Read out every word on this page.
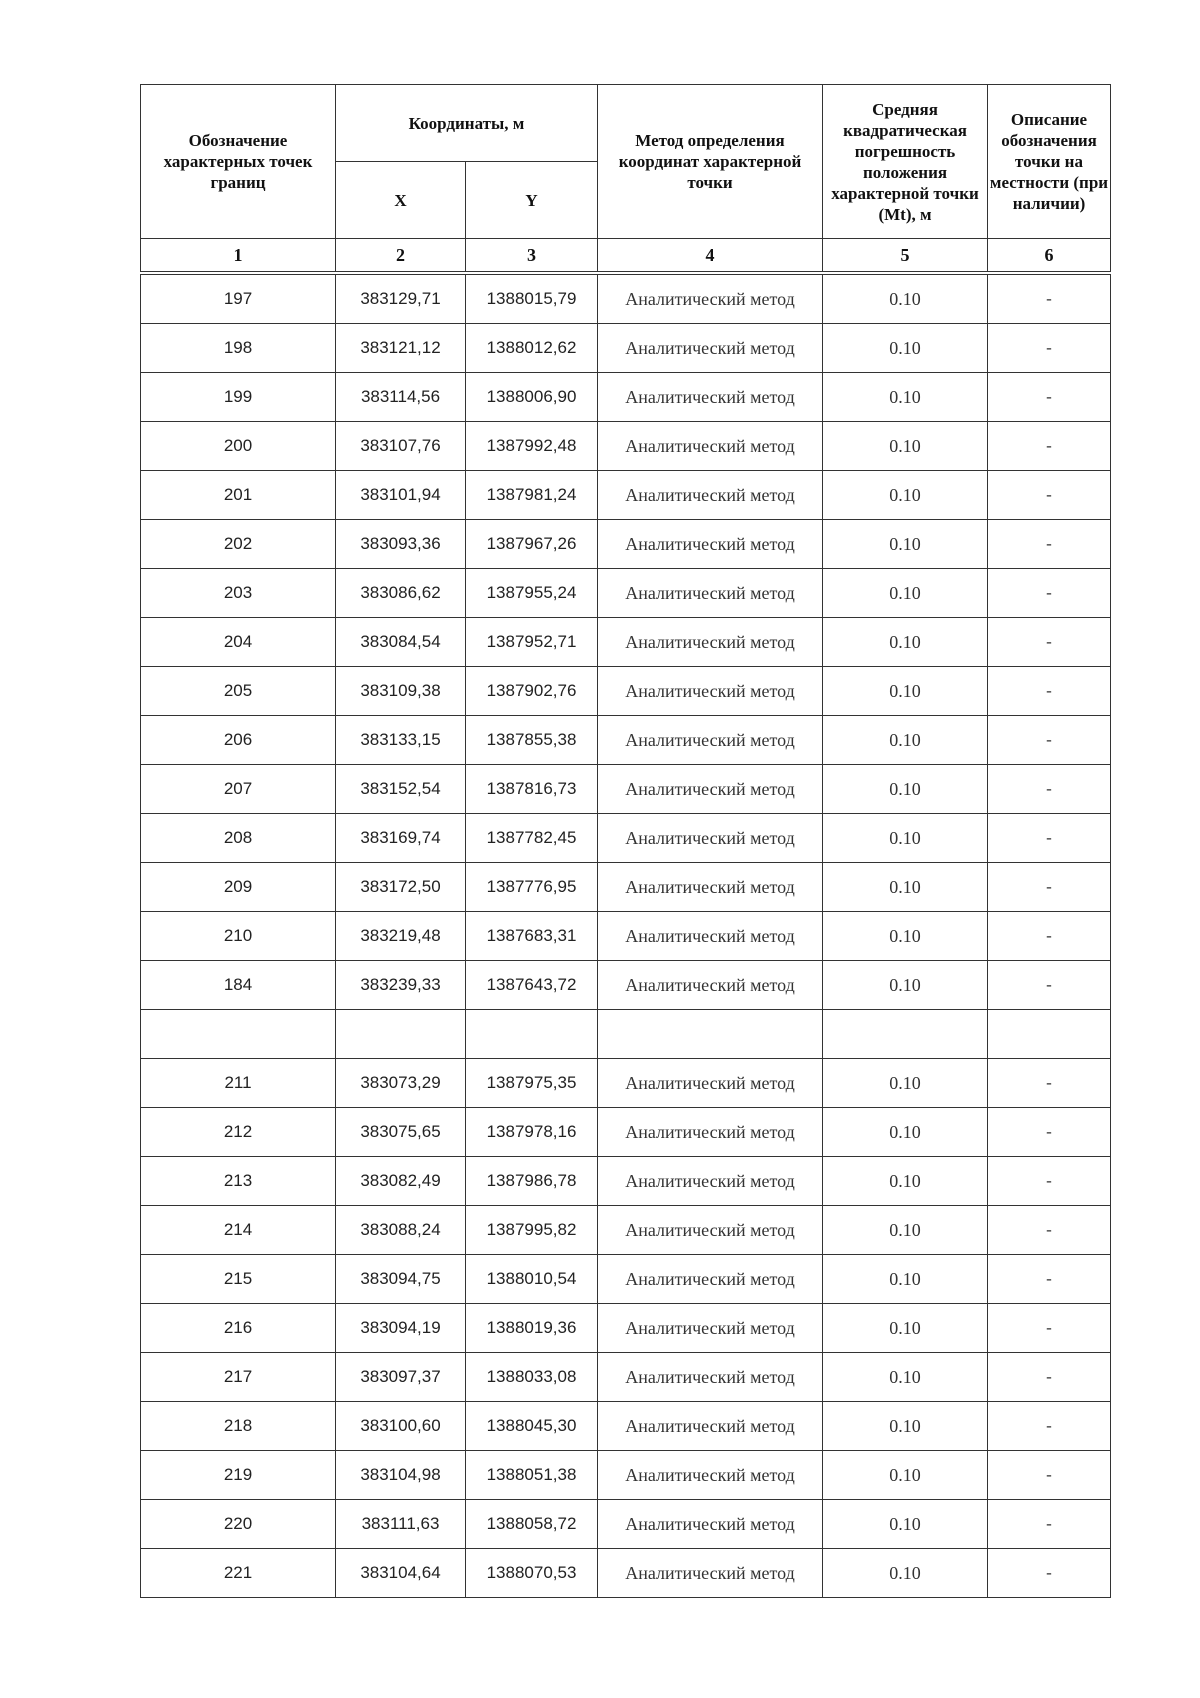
Обозначение характерных точек границ	Координаты, м		Метод определения координат характерной точки	Средняя квадратическая погрешность положения характерной точки (Mt), м	Описание обозначения точки на местности (при наличии)
	X	Y			
1	2	3	4	5	6
197	383129,71	1388015,79	Аналитический метод	0.10	-
198	383121,12	1388012,62	Аналитический метод	0.10	-
199	383114,56	1388006,90	Аналитический метод	0.10	-
200	383107,76	1387992,48	Аналитический метод	0.10	-
201	383101,94	1387981,24	Аналитический метод	0.10	-
202	383093,36	1387967,26	Аналитический метод	0.10	-
203	383086,62	1387955,24	Аналитический метод	0.10	-
204	383084,54	1387952,71	Аналитический метод	0.10	-
205	383109,38	1387902,76	Аналитический метод	0.10	-
206	383133,15	1387855,38	Аналитический метод	0.10	-
207	383152,54	1387816,73	Аналитический метод	0.10	-
208	383169,74	1387782,45	Аналитический метод	0.10	-
209	383172,50	1387776,95	Аналитический метод	0.10	-
210	383219,48	1387683,31	Аналитический метод	0.10	-
184	383239,33	1387643,72	Аналитический метод	0.10	-

211	383073,29	1387975,35	Аналитический метод	0.10	-
212	383075,65	1387978,16	Аналитический метод	0.10	-
213	383082,49	1387986,78	Аналитический метод	0.10	-
214	383088,24	1387995,82	Аналитический метод	0.10	-
215	383094,75	1388010,54	Аналитический метод	0.10	-
216	383094,19	1388019,36	Аналитический метод	0.10	-
217	383097,37	1388033,08	Аналитический метод	0.10	-
218	383100,60	1388045,30	Аналитический метод	0.10	-
219	383104,98	1388051,38	Аналитический метод	0.10	-
220	383111,63	1388058,72	Аналитический метод	0.10	-
221	383104,64	1388070,53	Аналитический метод	0.10	-
